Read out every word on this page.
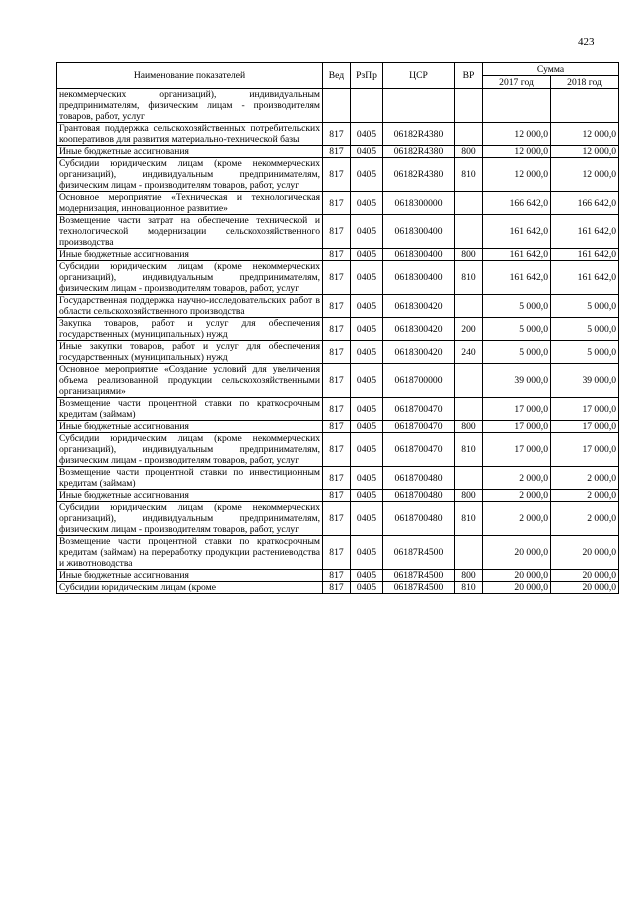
423
Наименование показателей	Вед	РзПр	ЦСР	ВР	Сумма	
					2017 год	2018 год
некоммерческих организаций), индивидуальным предпринимателям, физическим лицам - производителям товаров, работ, услуг						
Грантовая поддержка сельскохозяйственных потребительских кооперативов для развития материально-технической базы	817	0405	06182R4380		12 000,0	12 000,0
Иные бюджетные ассигнования	817	0405	06182R4380	800	12 000,0	12 000,0
Субсидии юридическим лицам (кроме некоммерческих организаций), индивидуальным предпринимателям, физическим лицам - производителям товаров, работ, услуг	817	0405	06182R4380	810	12 000,0	12 000,0
Основное мероприятие «Техническая и технологическая модернизация, инновационное развитие»	817	0405	0618300000		166 642,0	166 642,0
Возмещение части затрат на обеспечение технической и технологической модернизации сельскохозяйственного производства	817	0405	0618300400		161 642,0	161 642,0
Иные бюджетные ассигнования	817	0405	0618300400	800	161 642,0	161 642,0
Субсидии юридическим лицам (кроме некоммерческих организаций), индивидуальным предпринимателям, физическим лицам - производителям товаров, работ, услуг	817	0405	0618300400	810	161 642,0	161 642,0
Государственная поддержка научно-исследовательских работ в области сельскохозяйственного производства	817	0405	0618300420		5 000,0	5 000,0
Закупка товаров, работ и услуг для обеспечения государственных (муниципальных) нужд	817	0405	0618300420	200	5 000,0	5 000,0
Иные закупки товаров, работ и услуг для обеспечения государственных (муниципальных) нужд	817	0405	0618300420	240	5 000,0	5 000,0
Основное мероприятие «Создание условий для увеличения объема реализованной продукции сельскохозяйственными организациями»	817	0405	0618700000		39 000,0	39 000,0
Возмещение части процентной ставки по краткосрочным кредитам (займам)	817	0405	0618700470		17 000,0	17 000,0
Иные бюджетные ассигнования	817	0405	0618700470	800	17 000,0	17 000,0
Субсидии юридическим лицам (кроме некоммерческих организаций), индивидуальным предпринимателям, физическим лицам - производителям товаров, работ, услуг	817	0405	0618700470	810	17 000,0	17 000,0
Возмещение части процентной ставки по инвестиционным кредитам (займам)	817	0405	0618700480		2 000,0	2 000,0
Иные бюджетные ассигнования	817	0405	0618700480	800	2 000,0	2 000,0
Субсидии юридическим лицам (кроме некоммерческих организаций), индивидуальным предпринимателям, физическим лицам - производителям товаров, работ, услуг	817	0405	0618700480	810	2 000,0	2 000,0
Возмещение части процентной ставки по краткосрочным кредитам (займам) на переработку продукции растениеводства и животноводства	817	0405	06187R4500		20 000,0	20 000,0
Иные бюджетные ассигнования	817	0405	06187R4500	800	20 000,0	20 000,0
Субсидии юридическим лицам (кроме	817	0405	06187R4500	810	20 000,0	20 000,0
